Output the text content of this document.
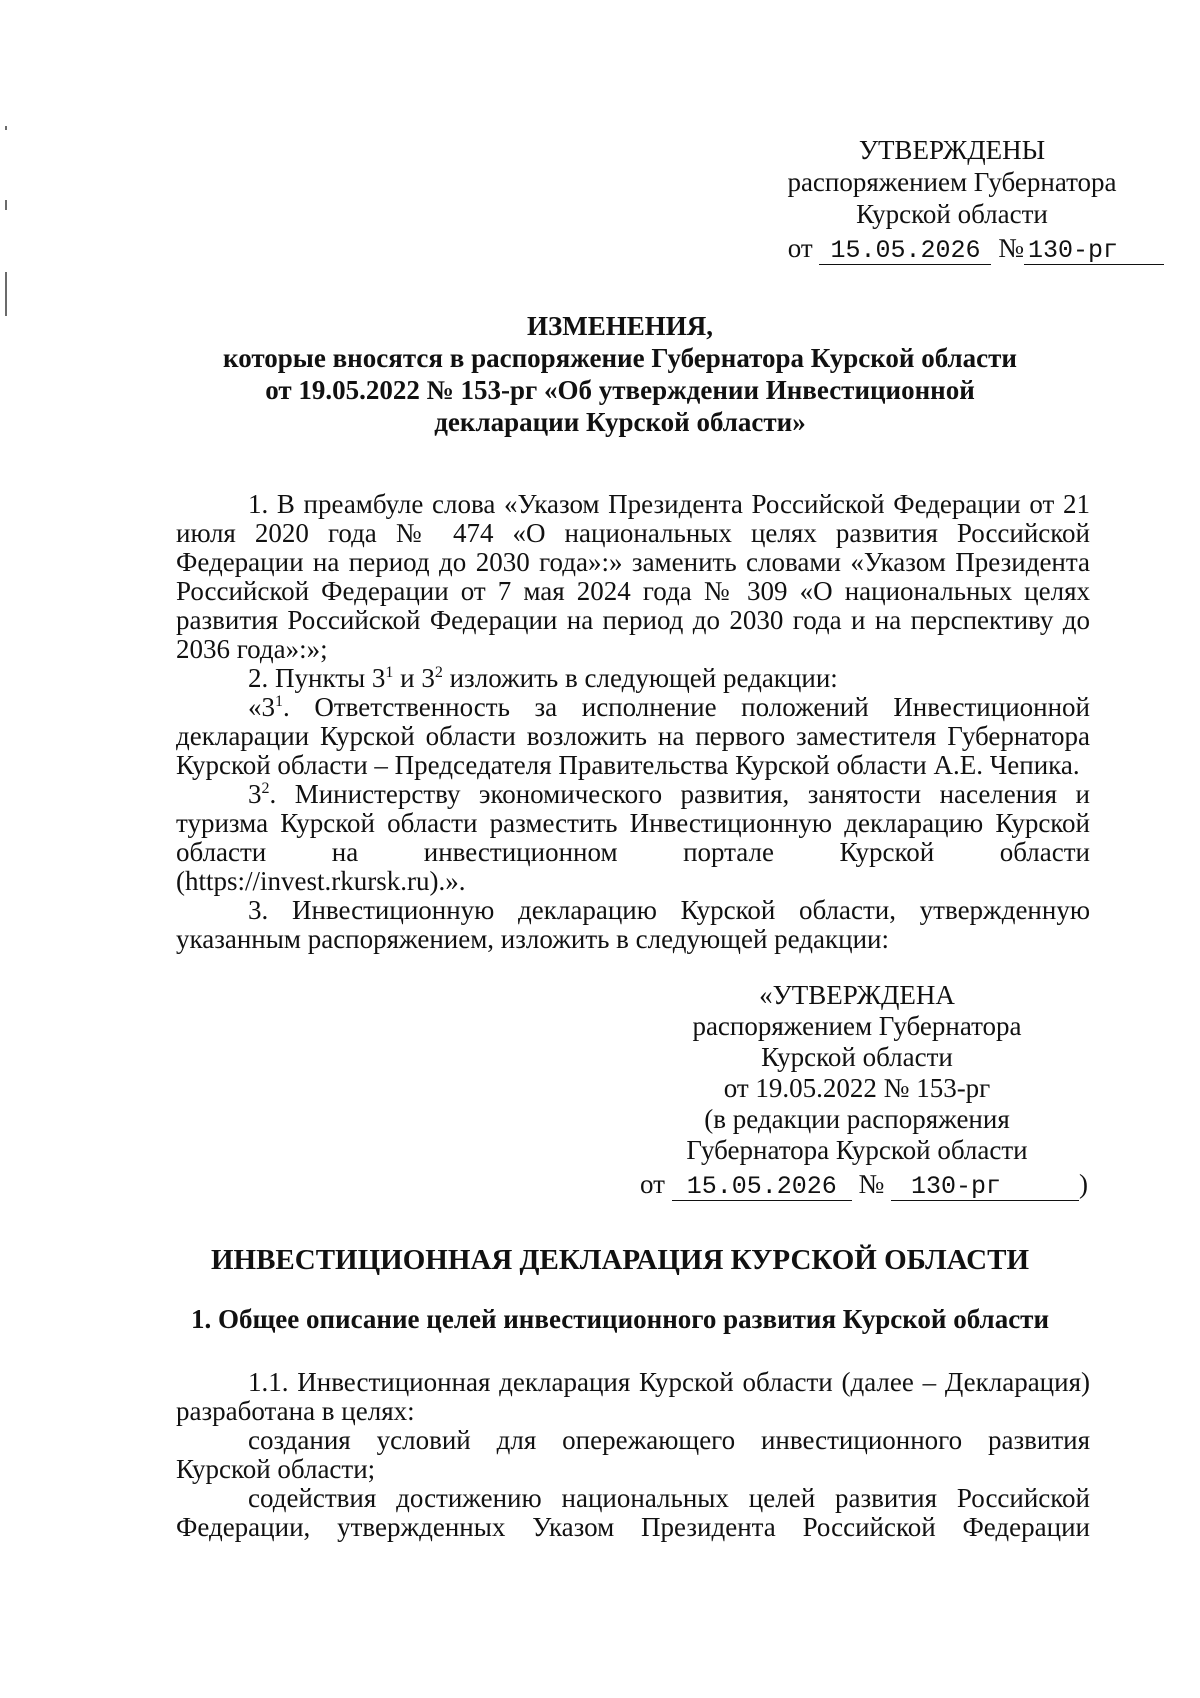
УТВЕРЖДЕНЫ
распоряжением Губернатора
Курской области
от 15.05.2026 № 130-рг
ИЗМЕНЕНИЯ,
которые вносятся в распоряжение Губернатора Курской области
от 19.05.2022 № 153-рг «Об утверждении Инвестиционной
декларации Курской области»

1. В преамбуле слова «Указом Президента Российской Федерации от 21 июля 2020 года № 474 «О национальных целях развития Российской Федерации на период до 2030 года»:» заменить словами «Указом Президента Российской Федерации от 7 мая 2024 года № 309 «О национальных целях развития Российской Федерации на период до 2030 года и на перспективу до 2036 года»:»;

2. Пункты $3^1$ и $3^2$ изложить в следующей редакции:

«$3^1$. Ответственность за исполнение положений Инвестиционной декларации Курской области возложить на первого заместителя Губернатора Курской области – Председателя Правительства Курской области А.Е. Чепика.

$3^2$. Министерству экономического развития, занятости населения и туризма Курской области разместить Инвестиционную декларацию Курской области на инвестиционном портале Курской области (https://invest.rkursk.ru).».

3. Инвестиционную декларацию Курской области, утвержденную указанным распоряжением, изложить в следующей редакции:

«УТВЕРЖДЕНА
распоряжением Губернатора
Курской области
от 19.05.2022 № 153-рг
(в редакции распоряжения
Губернатора Курской области
от 15.05.2026 № 130-рг	)
ИНВЕСТИЦИОННАЯ ДЕКЛАРАЦИЯ КУРСКОЙ ОБЛАСТИ
1. Общее описание целей инвестиционного развития Курской области

1.1. Инвестиционная декларация Курской области (далее – Декларация) разработана в целях:

создания условий для опережающего инвестиционного развития Курской области;

содействия достижению национальных целей развития Российской Федерации, утвержденных Указом Президента Российской Федерации
